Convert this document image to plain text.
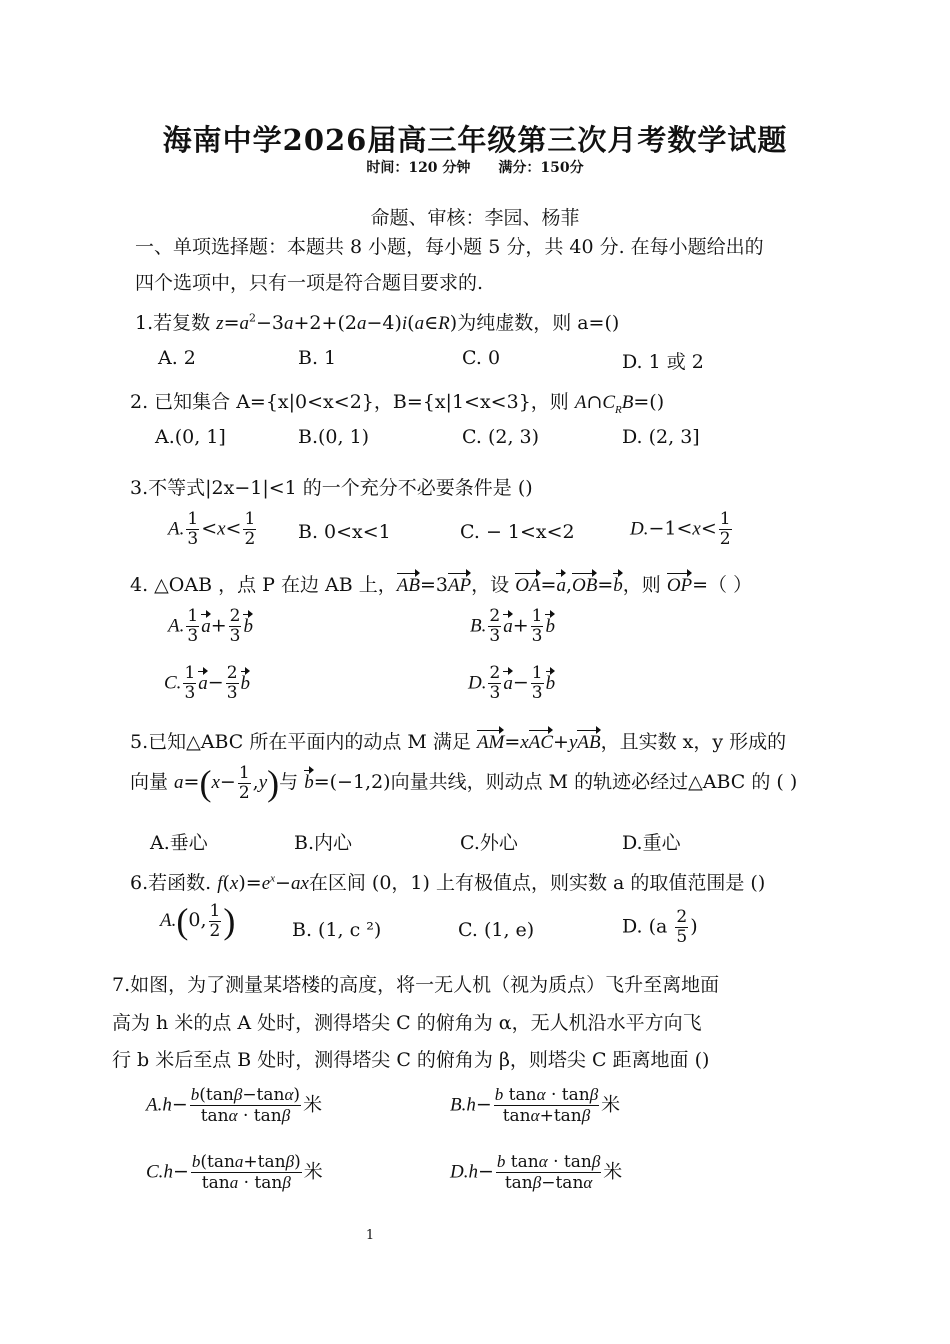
海南中学2026届高三年级第三次月考数学试题
时间：120 分钟　　满分：150分
命题、审核：李园、杨菲
一、单项选择题：本题共 8 小题，每小题 5 分，共 40 分. 在每小题给出的
四个选项中，只有一项是符合题目要求的.
1.若复数 $z=a^2-3a+2+(2a-4)i(a\in R)$为纯虚数，则 a=()
A. 2	B. 1	C. 0	D. 1 或 2
2. 已知集合 A={x|0<x<2}，B={x|1<x<3}，则 $A\cap C_RB=()$
A.(0, 1]	B.(0, 1)	C. (2, 3)	D. (2, 3]
3.不等式|2x−1|<1 的一个充分不必要条件是 ()
A. $\frac{1}{3} <x< \frac{1}{2} B$. 0<x<1	C. − 1<x<2	$D.-1<x< \frac{1}{2}$
4. △OAB ，点 P 在边 AB 上，AB=3AP，设 OA=a,OB=b，则 OP=（ ）
A. $\frac{1}{3} a+ \frac{2}{3}$ b	B. $\frac{2}{3} a+ \frac{1}{3}$ b
C. $\frac{1}{3} a- \frac{2}{3}$ b	D. $\frac{2}{3} a- \frac{1}{3}$ b
5.已知△ABC 所在平面内的动点 M 满足 AM=xAC+yAB，且实数 x，y 形成的
向量 $a=(x- \frac{1}{2} ,y)$与 b=(−1,2)向量共线，则动点 M 的轨迹必经过△ABC 的 ( )
A.垂心	B.内心	C.外心	D.重心
6.若函数. $f(x)=e^x-ax$在区间 (0，1) 上有极值点，则实数 a 的取值范围是 ()
A.(0, $\frac{1}{2}$ )	B. (1, c ²)	C. (1, e)	D. ($a \frac{2}{5}$ )
7.如图，为了测量某塔楼的高度，将一无人机（视为质点）飞升至离地面
高为 h 米的点 A 处时，测得塔尖 C 的俯角为 α，无人机沿水平方向飞
行 b 米后至点 B 处时，测得塔尖 C 的俯角为 β，则塔尖 C 距离地面 ()
$A.h- \frac{b(\tan\beta-\tan\alpha)}{\tan\alpha \cdot \tan\beta}$ 米	$B.h- \frac{\text{b tanα · tanβ}}{\tan\alpha+\tan\beta}$ 米
$C.h- \frac{b(\tan a+\tan\beta)}{\tan a \cdot \tan\beta}$ 米	$D.h- \frac{\text{b tanα · tanβ}}{\tan\beta-\tan\alpha}$ 米
1
